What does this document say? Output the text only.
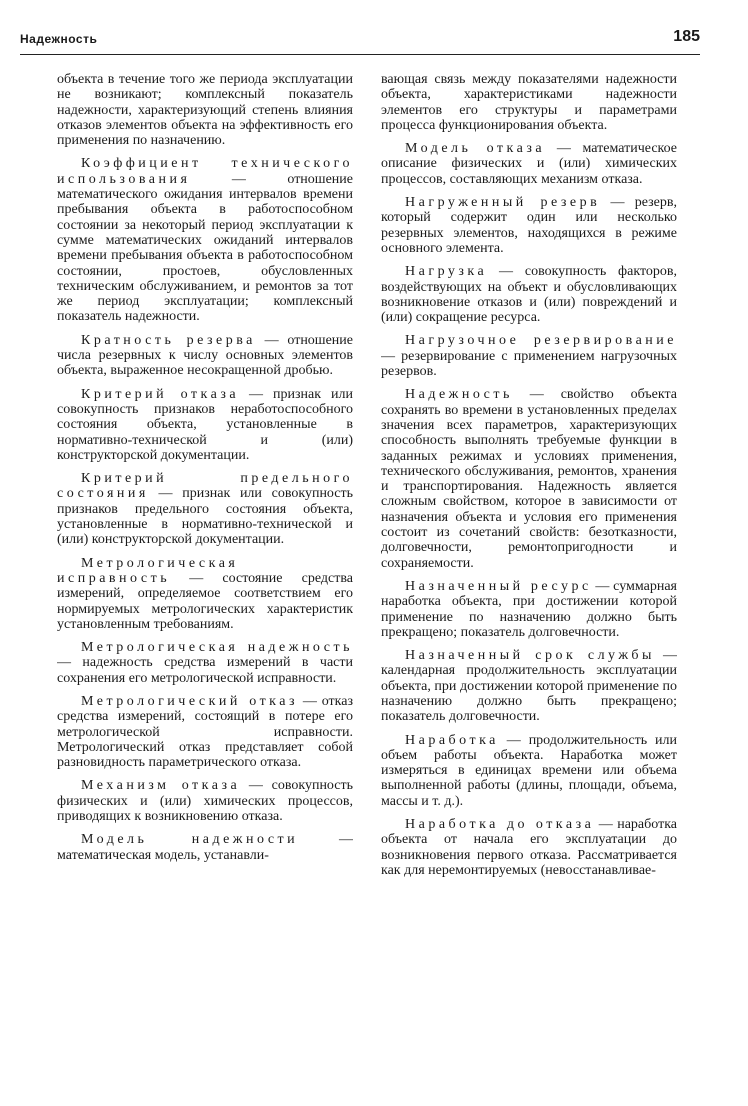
Надежность	185

объекта в течение того же периода эксплуатации не возникают; комплексный показатель надежности, характеризующий степень влияния отказов элементов объекта на эффективность его применения по назначению.

Коэффициент технического использования — отношение математического ожидания интервалов времени пребывания объекта в работоспособном состоянии за некоторый период эксплуатации к сумме математических ожиданий интервалов времени пребывания объекта в работоспособном состоянии, простоев, обусловленных техническим обслуживанием, и ремонтов за тот же период эксплуатации; комплексный показатель надежности.

Кратность резерва — отношение числа резервных к числу основных элементов объекта, выраженное несокращенной дробью.

Критерий отказа — признак или совокупность признаков неработоспособного состояния объекта, установленные в нормативно-технической и (или) конструкторской документации.

Критерий предельного состояния — признак или совокупность признаков предельного состояния объекта, установленные в нормативно-технической и (или) конструкторской документации.

Метрологическая исправность — состояние средства измерений, определяемое соответствием его нормируемых метрологических характеристик установленным требованиям.

Метрологическая надежность — надежность средства измерений в части сохранения его метрологической исправности.

Метрологический отказ — отказ средства измерений, состоящий в потере его метрологической исправности. Метрологический отказ представляет собой разновидность параметрического отказа.

Механизм отказа — совокупность физических и (или) химических процессов, приводящих к возникновению отказа.

Модель надежности — математическая модель, устанавли-

вающая связь между показателями надежности объекта, характеристиками надежности элементов его структуры и параметрами процесса функционирования объекта.

Модель отказа — математическое описание физических и (или) химических процессов, составляющих механизм отказа.

Нагруженный резерв — резерв, который содержит один или несколько резервных элементов, находящихся в режиме основного элемента.

Нагрузка — совокупность факторов, воздействующих на объект и обусловливающих возникновение отказов и (или) повреждений и (или) сокращение ресурса.

Нагрузочное резервирование — резервирование с применением нагрузочных резервов.

Надежность — свойство объекта сохранять во времени в установленных пределах значения всех параметров, характеризующих способность выполнять требуемые функции в заданных режимах и условиях применения, технического обслуживания, ремонтов, хранения и транспортирования. Надежность является сложным свойством, которое в зависимости от назначения объекта и условия его применения состоит из сочетаний свойств: безотказности, долговечности, ремонтопригодности и сохраняемости.

Назначенный ресурс — суммарная наработка объекта, при достижении которой применение по назначению должно быть прекращено; показатель долговечности.

Назначенный срок службы — календарная продолжительность эксплуатации объекта, при достижении которой применение по назначению должно быть прекращено; показатель долговечности.

Наработка — продолжительность или объем работы объекта. Наработка может измеряться в единицах времени или объема выполненной работы (длины, площади, объема, массы и т. д.).

Наработка до отказа — наработка объекта от начала его эксплуатации до возникновения первого отказа. Рассматривается как для неремонтируемых (невосстанавливае-
